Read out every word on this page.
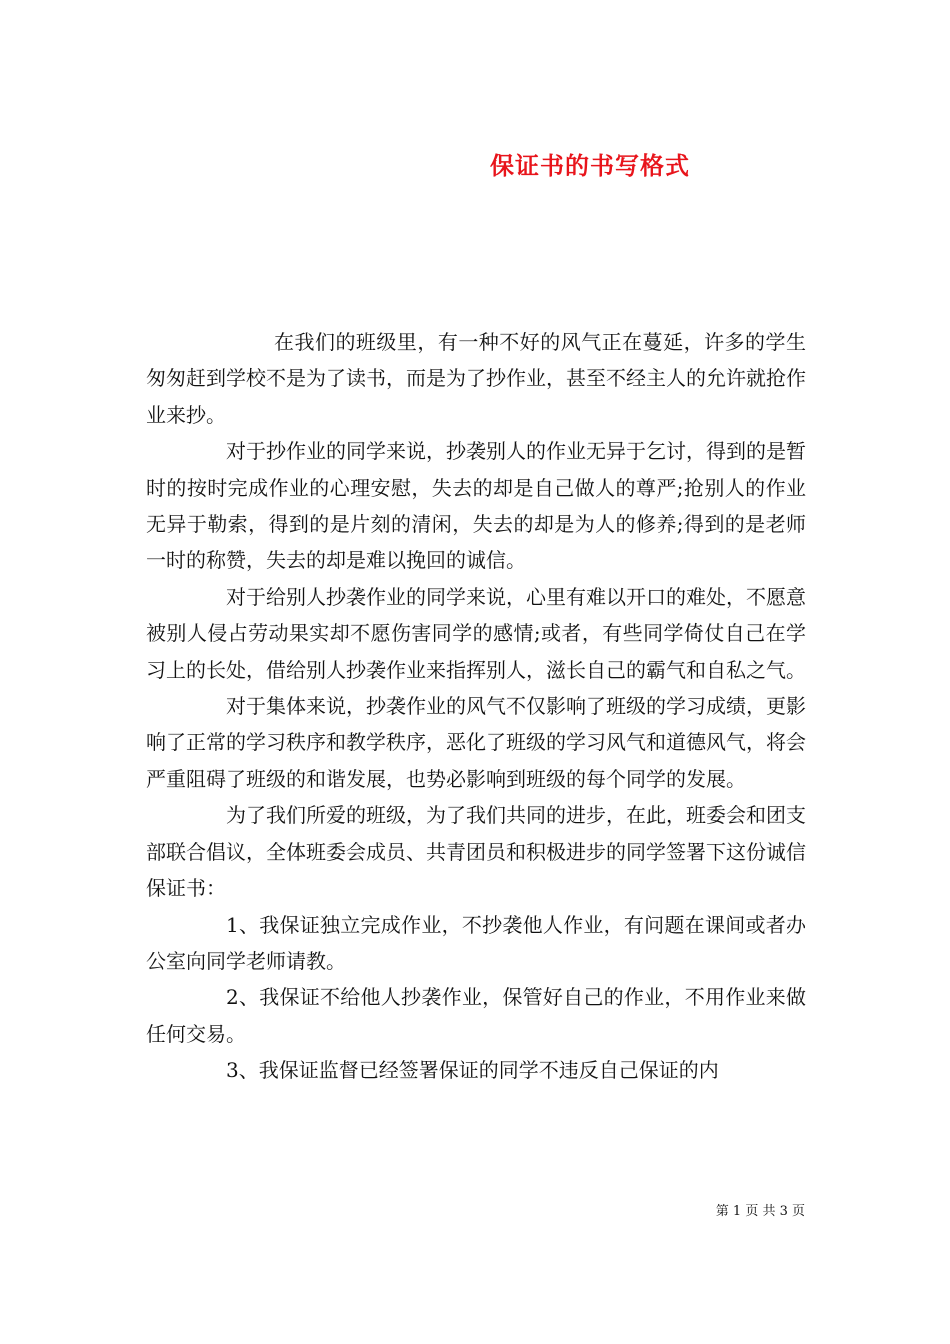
保证书的书写格式

在我们的班级里，有一种不好的风气正在蔓延，许多的学生匆匆赶到学校不是为了读书，而是为了抄作业，甚至不经主人的允许就抢作业来抄。

对于抄作业的同学来说，抄袭别人的作业无异于乞讨，得到的是暂时的按时完成作业的心理安慰，失去的却是自己做人的尊严;抢别人的作业无异于勒索，得到的是片刻的清闲，失去的却是为人的修养;得到的是老师一时的称赞，失去的却是难以挽回的诚信。

对于给别人抄袭作业的同学来说，心里有难以开口的难处，不愿意被别人侵占劳动果实却不愿伤害同学的感情;或者，有些同学倚仗自己在学习上的长处，借给别人抄袭作业来指挥别人，滋长自己的霸气和自私之气。

对于集体来说，抄袭作业的风气不仅影响了班级的学习成绩，更影响了正常的学习秩序和教学秩序，恶化了班级的学习风气和道德风气，将会严重阻碍了班级的和谐发展，也势必影响到班级的每个同学的发展。

为了我们所爱的班级，为了我们共同的进步，在此，班委会和团支部联合倡议，全体班委会成员、共青团员和积极进步的同学签署下这份诚信保证书：

1、我保证独立完成作业，不抄袭他人作业，有问题在课间或者办公室向同学老师请教。

2、我保证不给他人抄袭作业，保管好自己的作业，不用作业来做任何交易。

3、我保证监督已经签署保证的同学不违反自己保证的内

第 1 页 共 3 页
